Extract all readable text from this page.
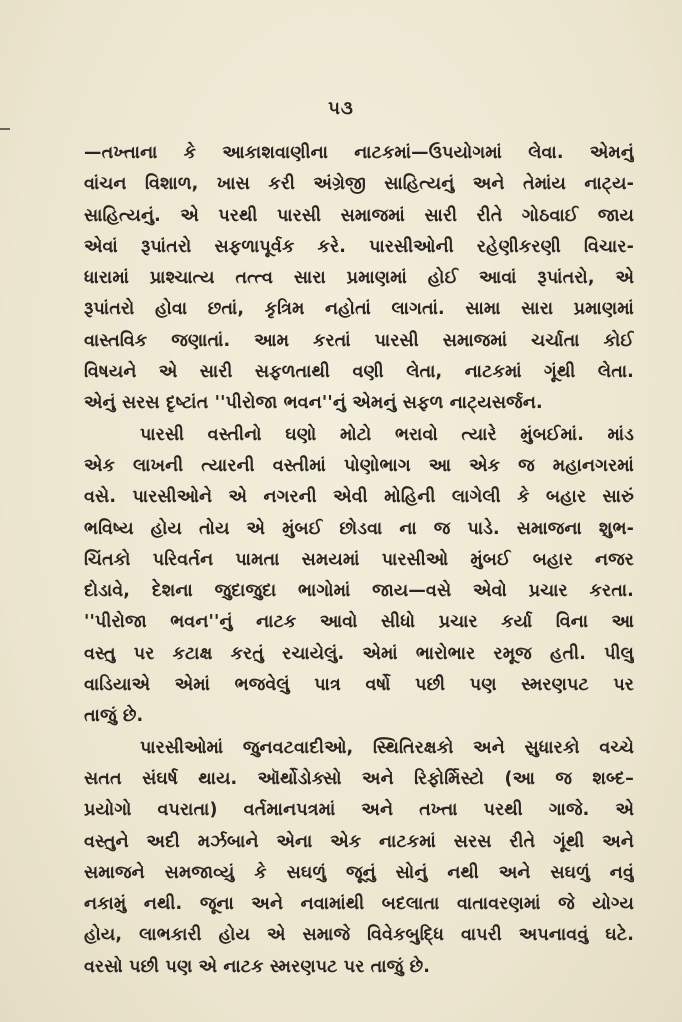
૫૩
—તખ્તાના કે આકાશવાણીના નાટકમાં—ઉપયોગમાં લેવા. એમનું
વાંચન વિશાળ, ખાસ કરી અંગ્રેજી સાહિત્યનું અને તેમાંય નાટ્ય-
સાહિત્યનું. એ પરથી પારસી સમાજમાં સારી રીતે ગોઠવાઈ જાય
એવાં રૂપાંતરો સફળાપૂર્વક કરે. પારસીઓની રહેણીકરણી વિચાર-
ધારામાં પ્રાશ્ચાત્ય તત્ત્વ સારા પ્રમાણમાં હોઈ આવાં રૂપાંતરો, એ
રૂપાંતરો હોવા છતાં, કૃત્રિમ નહોતાં લાગતાં. સામા સારા પ્રમાણમાં
વાસ્તવિક જણાતાં. આમ કરતાં પારસી સમાજમાં ચર્ચાતા કોઈ
વિષયને એ સારી સફળતાથી વણી લેતા, નાટકમાં ગૂંથી લેતા.
એનું સરસ દૃષ્ટાંત ''પીરોજા ભવન''નું એમનું સફળ નાટ્યસર્જન.
પારસી વસ્તીનો ઘણો મોટો ભરાવો ત્યારે મુંબઈમાં. માંડ
એક લાખની ત્યારની વસ્તીમાં પોણોભાગ આ એક જ મહાનગરમાં
વસે. પારસીઓને એ નગરની એવી મોહિની લાગેલી કે બહાર સારું
ભવિષ્ય હોય તોય એ મુંબઈ છોડવા ના જ પાડે. સમાજના શુભ-
ચિંતકો પરિવર્તન પામતા સમયમાં પારસીઓ મુંબઈ બહાર નજર
દોડાવે, દેશના જુદાજુદા ભાગોમાં જાય—વસે એવો પ્રચાર કરતા.
''પીરોજા ભવન''નું નાટક આવો સીધો પ્રચાર કર્યા વિના આ
વસ્તુ પર કટાક્ષ કરતું રચાયેલું. એમાં ભારોભાર રમૂજ હતી. પીલુ
વાડિયાએ એમાં ભજવેલું પાત્ર વર્ષો પછી પણ સ્મરણપટ પર
તાજું છે.
પારસીઓમાં જુનવટવાદીઓ, સ્થિતિરક્ષકો અને સુધારકો વચ્ચે
સતત સંઘર્ષ થાય. ઑર્થોડોક્સો અને રિફોર્મિસ્ટો (આ જ શબ્દ–
પ્રયોગો વપરાતા) વર્તમાનપત્રમાં અને તખ્તા પરથી ગાજે. એ
વસ્તુને અદી મર્ઝબાને એના એક નાટકમાં સરસ રીતે ગૂંથી અને
સમાજને સમજાવ્યું કે સઘળું જૂનું સોનું નથી અને સઘળું નવું
નકામું નથી. જૂના અને નવામાંથી બદલાતા વાતાવરણમાં જે યોગ્ય
હોય, લાભકારી હોય એ સમાજે વિવેકબુદ્ધિ વાપરી અપનાવવું ઘટે.
વરસો પછી પણ એ નાટક સ્મરણપટ પર તાજું છે.
